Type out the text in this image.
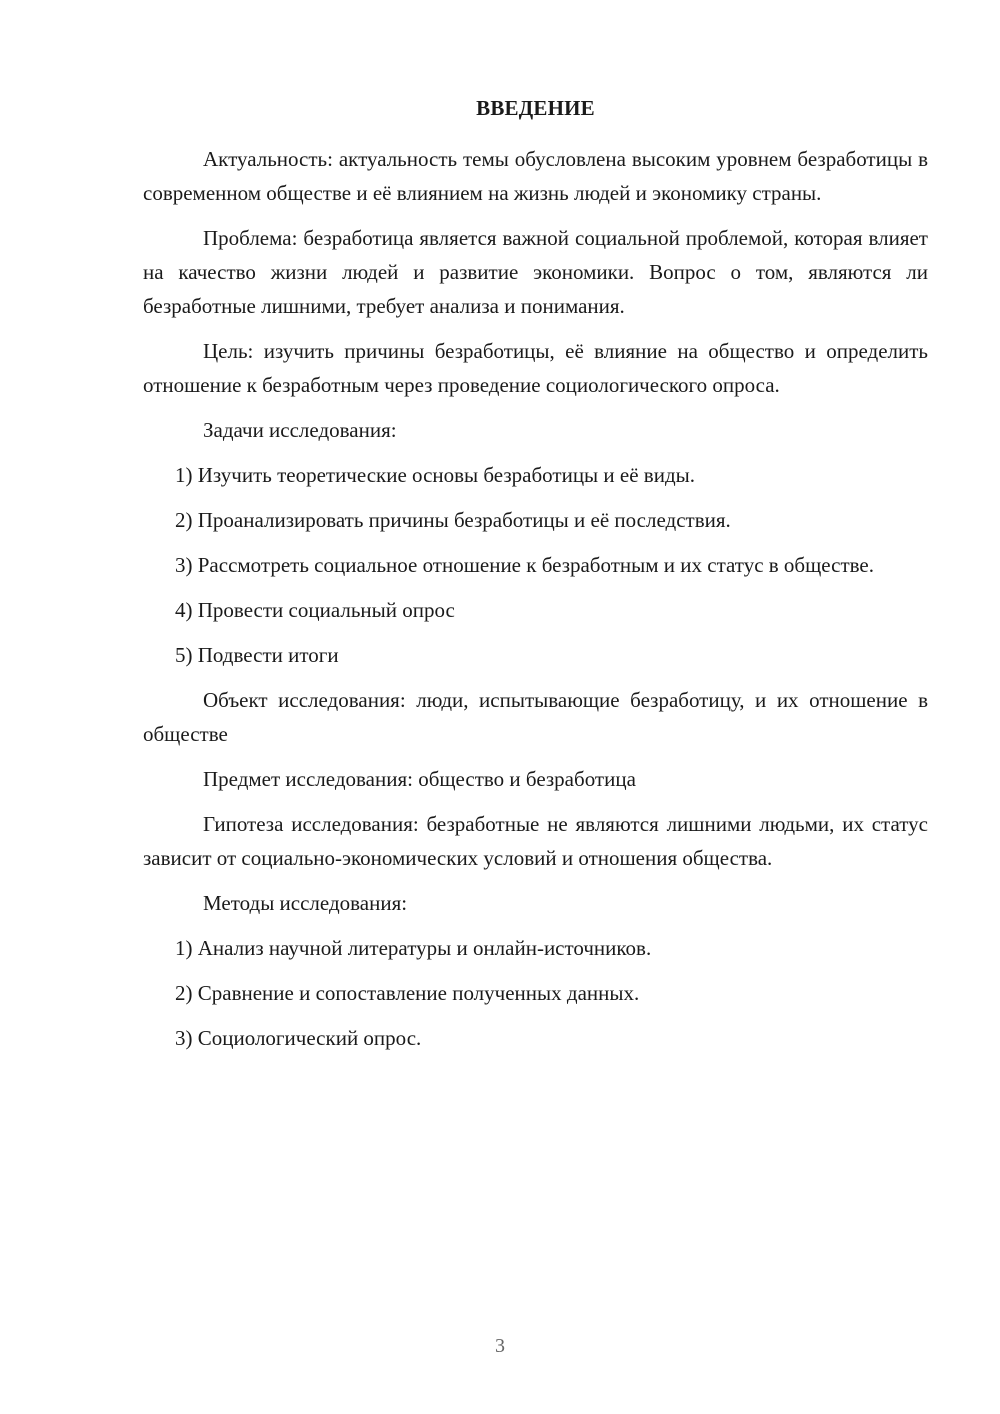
ВВЕДЕНИЕ

Актуальность: актуальность темы обусловлена высоким уровнем безработицы в современном обществе и её влиянием на жизнь людей и экономику страны.

Проблема: безработица является важной социальной проблемой, которая влияет на качество жизни людей и развитие экономики. Вопрос о том, являются ли безработные лишними, требует анализа и понимания.

Цель: изучить причины безработицы, её влияние на общество и определить отношение к безработным через проведение социологического опроса.

Задачи исследования:

1) Изучить теоретические основы безработицы и её виды.

2) Проанализировать причины безработицы и её последствия.

3) Рассмотреть социальное отношение к безработным и их статус в обществе.

4) Провести социальный опрос

5) Подвести итоги

Объект исследования: люди, испытывающие безработицу, и их отношение в обществе

Предмет исследования: общество и безработица

Гипотеза исследования: безработные не являются лишними людьми, их статус зависит от социально-экономических условий и отношения общества.

Методы исследования:

1) Анализ научной литературы и онлайн-источников.

2) Сравнение и сопоставление полученных данных.

3) Социологический опрос.

3
